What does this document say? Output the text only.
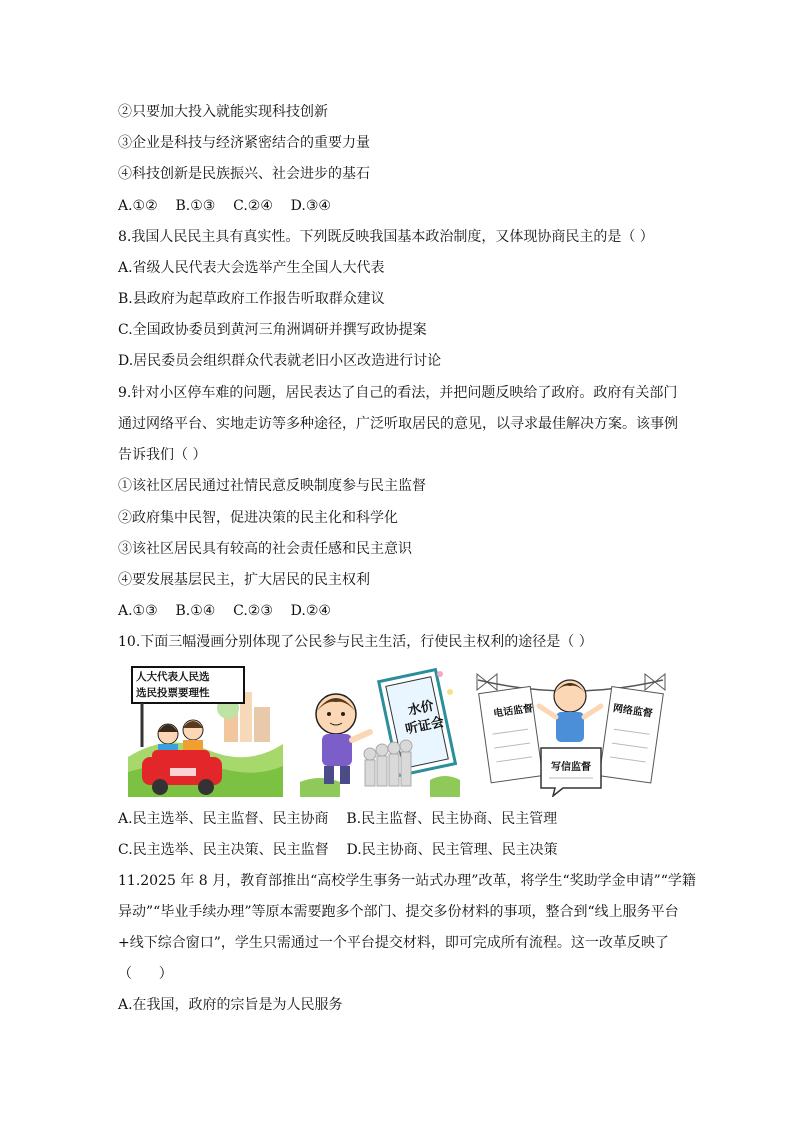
②只要加大投入就能实现科技创新
③企业是科技与经济紧密结合的重要力量
④科技创新是民族振兴、社会进步的基石
A.①②    B.①③    C.②④    D.③④
8.我国人民民主具有真实性。下列既反映我国基本政治制度，又体现协商民主的是（ ）
A.省级人民代表大会选举产生全国人大代表
B.县政府为起草政府工作报告听取群众建议
C.全国政协委员到黄河三角洲调研并撰写政协提案
D.居民委员会组织群众代表就老旧小区改造进行讨论
9.针对小区停车难的问题，居民表达了自己的看法，并把问题反映给了政府。政府有关部门
通过网络平台、实地走访等多种途径，广泛听取居民的意见，以寻求最佳解决方案。该事例
告诉我们（ ）
①该社区居民通过社情民意反映制度参与民主监督
②政府集中民智，促进决策的民主化和科学化
③该社区居民具有较高的社会责任感和民主意识
④要发展基层民主，扩大居民的民主权利
A.①③    B.①④    C.②③    D.②④
10.下面三幅漫画分别体现了公民参与民主生活，行使民主权利的途径是（ ）
人大代表人民选
选民投票要理性
水价
听证会
电话监督	网络监督
写信监督
A.民主选举、民主监督、民主协商    B.民主监督、民主协商、民主管理
C.民主选举、民主决策、民主监督    D.民主协商、民主管理、民主决策
11.2025 年 8 月，教育部推出“高校学生事务一站式办理”改革，将学生“奖助学金申请”“学籍
异动”“毕业手续办理”等原本需要跑多个部门、提交多份材料的事项，整合到“线上服务平台
+线下综合窗口”，学生只需通过一个平台提交材料，即可完成所有流程。这一改革反映了
（      ）
A.在我国，政府的宗旨是为人民服务
